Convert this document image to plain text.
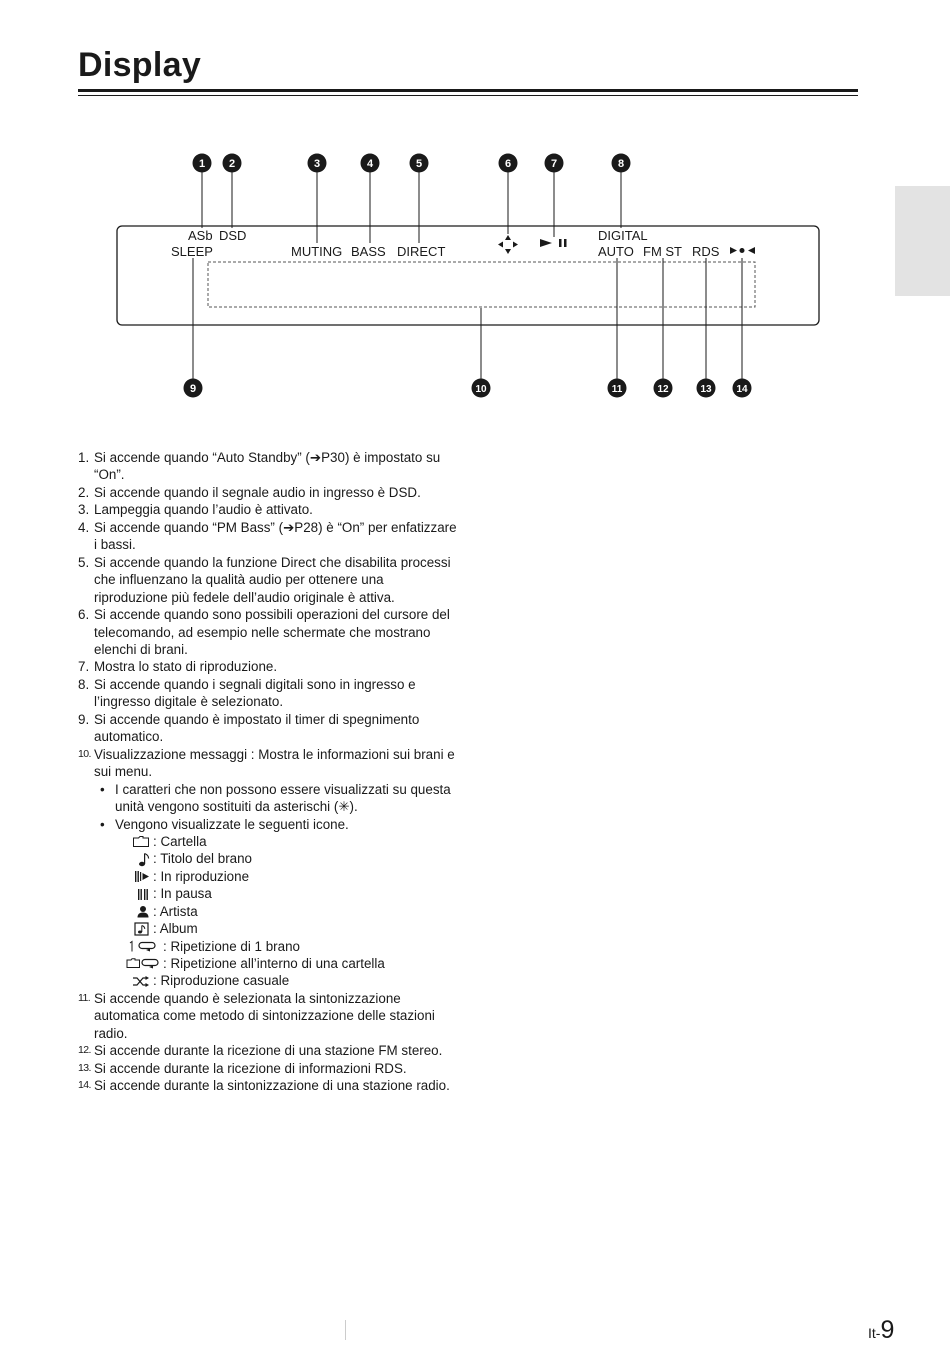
Display
1 2	3	4	5	6	7	8
9	10	11	12	13 14
ASb DSD
SLEEP	MUTING BASS DIRECT
DIGITAL
AUTO FM ST RDS
1. Si accende quando “Auto Standby” (➔P30) è impostato su “On”.
2. Si accende quando il segnale audio in ingresso è DSD.
3. Lampeggia quando l’audio è attivato.
4. Si accende quando “PM Bass” (➔P28) è “On” per enfatizzare i bassi.
5. Si accende quando la funzione Direct che disabilita processi che influenzano la qualità audio per ottenere una riproduzione più fedele dell’audio originale è attiva.
6. Si accende quando sono possibili operazioni del cursore del telecomando, ad esempio nelle schermate che mostrano elenchi di brani.
7. Mostra lo stato di riproduzione.
8. Si accende quando i segnali digitali sono in ingresso e l’ingresso digitale è selezionato.
9. Si accende quando è impostato il timer di spegnimento automatico.
10. Visualizzazione messaggi : Mostra le informazioni sui brani e sui menu.
• I caratteri che non possono essere visualizzati su questa unità vengono sostituiti da asterischi (✳).
• Vengono visualizzate le seguenti icone.
: Cartella
: Titolo del brano
: In riproduzione
: In pausa
: Artista
: Album
: Ripetizione di 1 brano
: Ripetizione all’interno di una cartella
: Riproduzione casuale
11. Si accende quando è selezionata la sintonizzazione automatica come metodo di sintonizzazione delle stazioni radio.
12. Si accende durante la ricezione di una stazione FM stereo.
13. Si accende durante la ricezione di informazioni RDS.
14. Si accende durante la sintonizzazione di una stazione radio.
It-9
